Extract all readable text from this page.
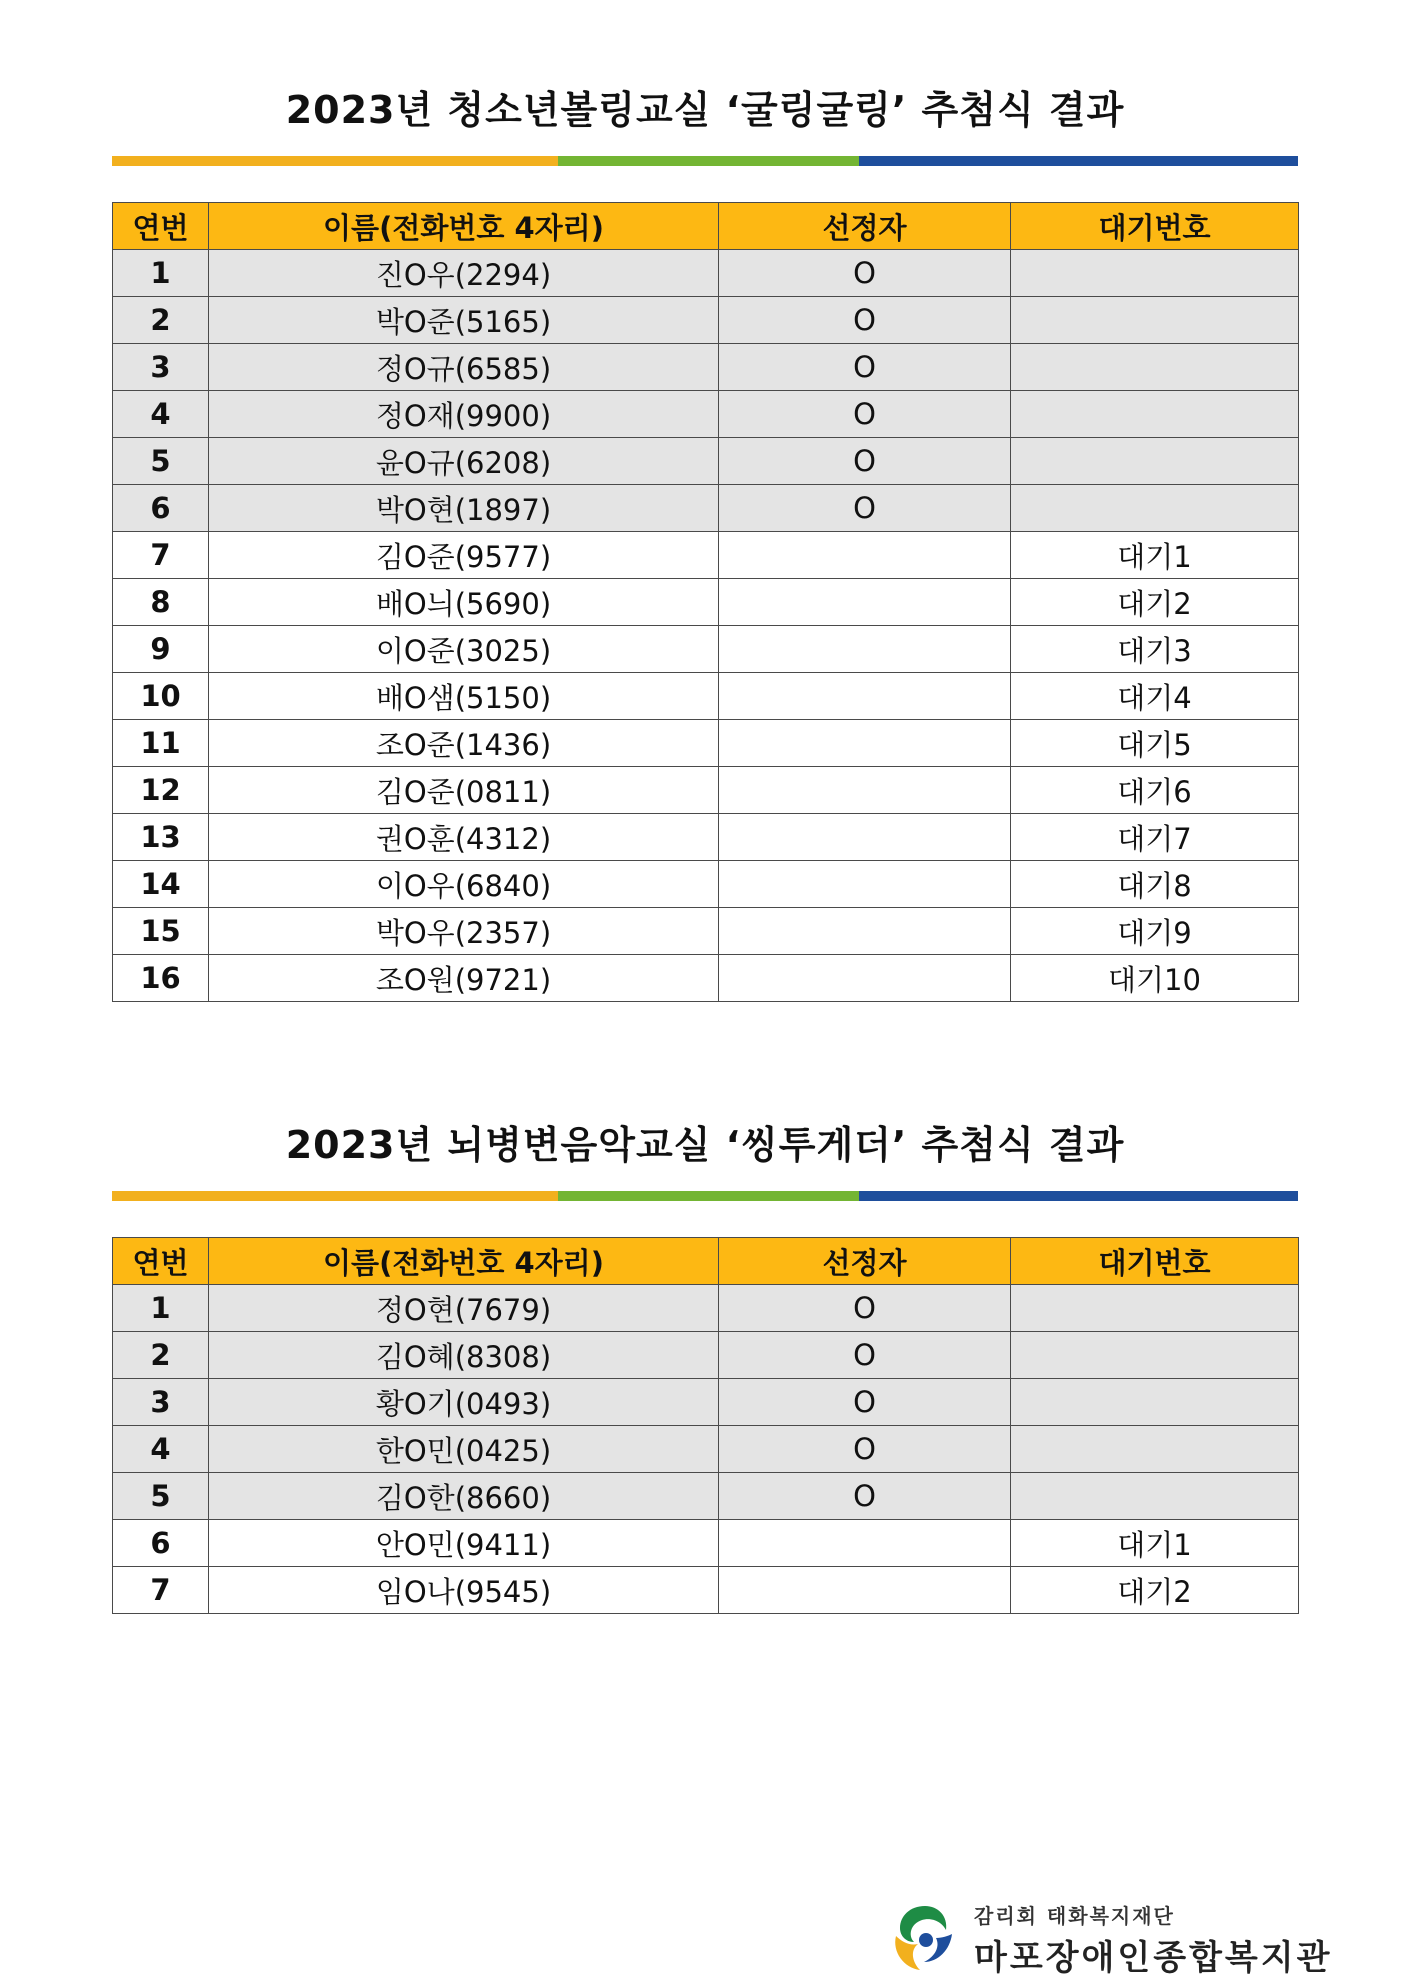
2023년 청소년볼링교실 ‘굴링굴링’ 추첨식 결과
연번	이름(전화번호 4자리)	선정자	대기번호
1	진O우(2294)	O	
2	박O준(5165)	O	
3	정O규(6585)	O	
4	정O재(9900)	O	
5	윤O규(6208)	O	
6	박O현(1897)	O	
7	김O준(9577)		대기1
8	배O늬(5690)		대기2
9	이O준(3025)		대기3
10	배O샘(5150)		대기4
11	조O준(1436)		대기5
12	김O준(0811)		대기6
13	권O훈(4312)		대기7
14	이O우(6840)		대기8
15	박O우(2357)		대기9
16	조O원(9721)		대기10
2023년 뇌병변음악교실 ‘씽투게더’ 추첨식 결과
연번	이름(전화번호 4자리)	선정자	대기번호
1	정O현(7679)	O	
2	김O혜(8308)	O	
3	황O기(0493)	O	
4	한O민(0425)	O	
5	김O한(8660)	O	
6	안O민(9411)		대기1
7	임O나(9545)		대기2
감리회 태화복지재단
마포장애인종합복지관
